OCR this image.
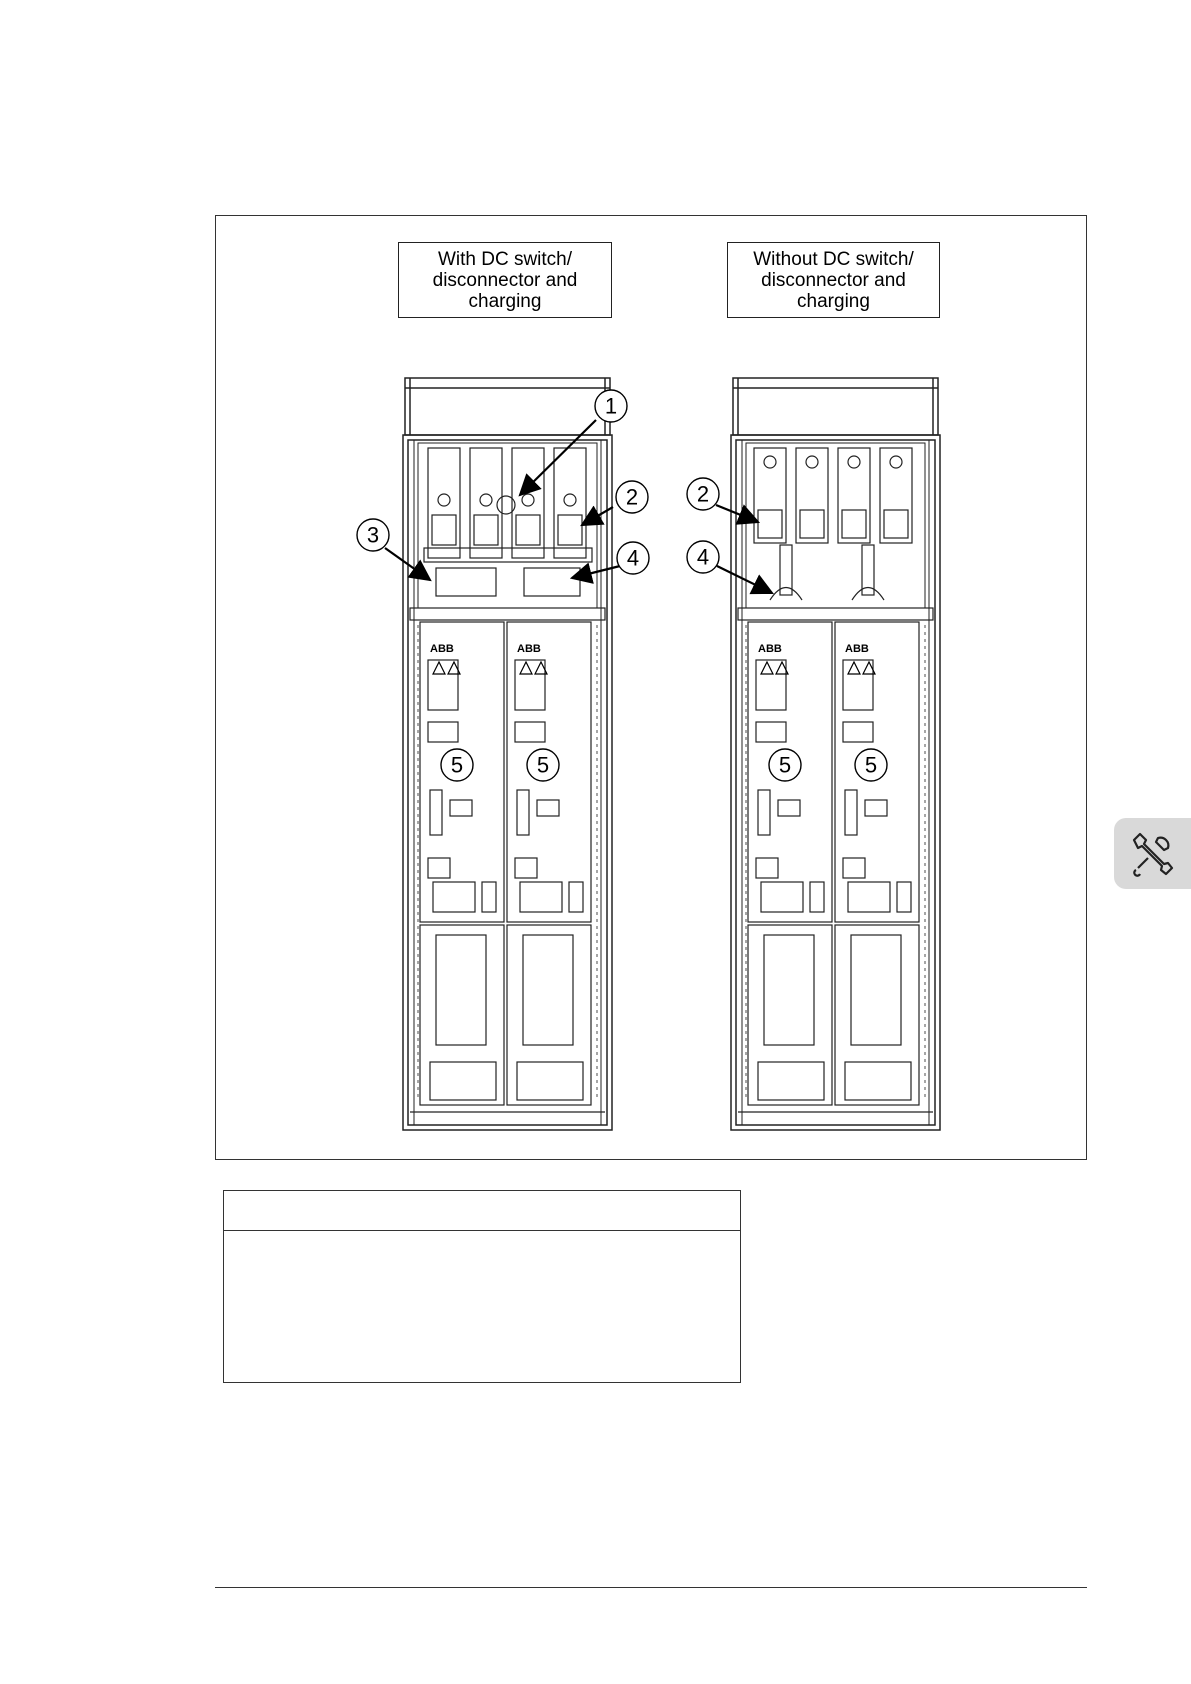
With DC switch/
disconnector and
charging
Without DC switch/
disconnector and
charging
ABB	ABB	ABB	ABB
1
2
3
4
5	5
2
4
5	5
